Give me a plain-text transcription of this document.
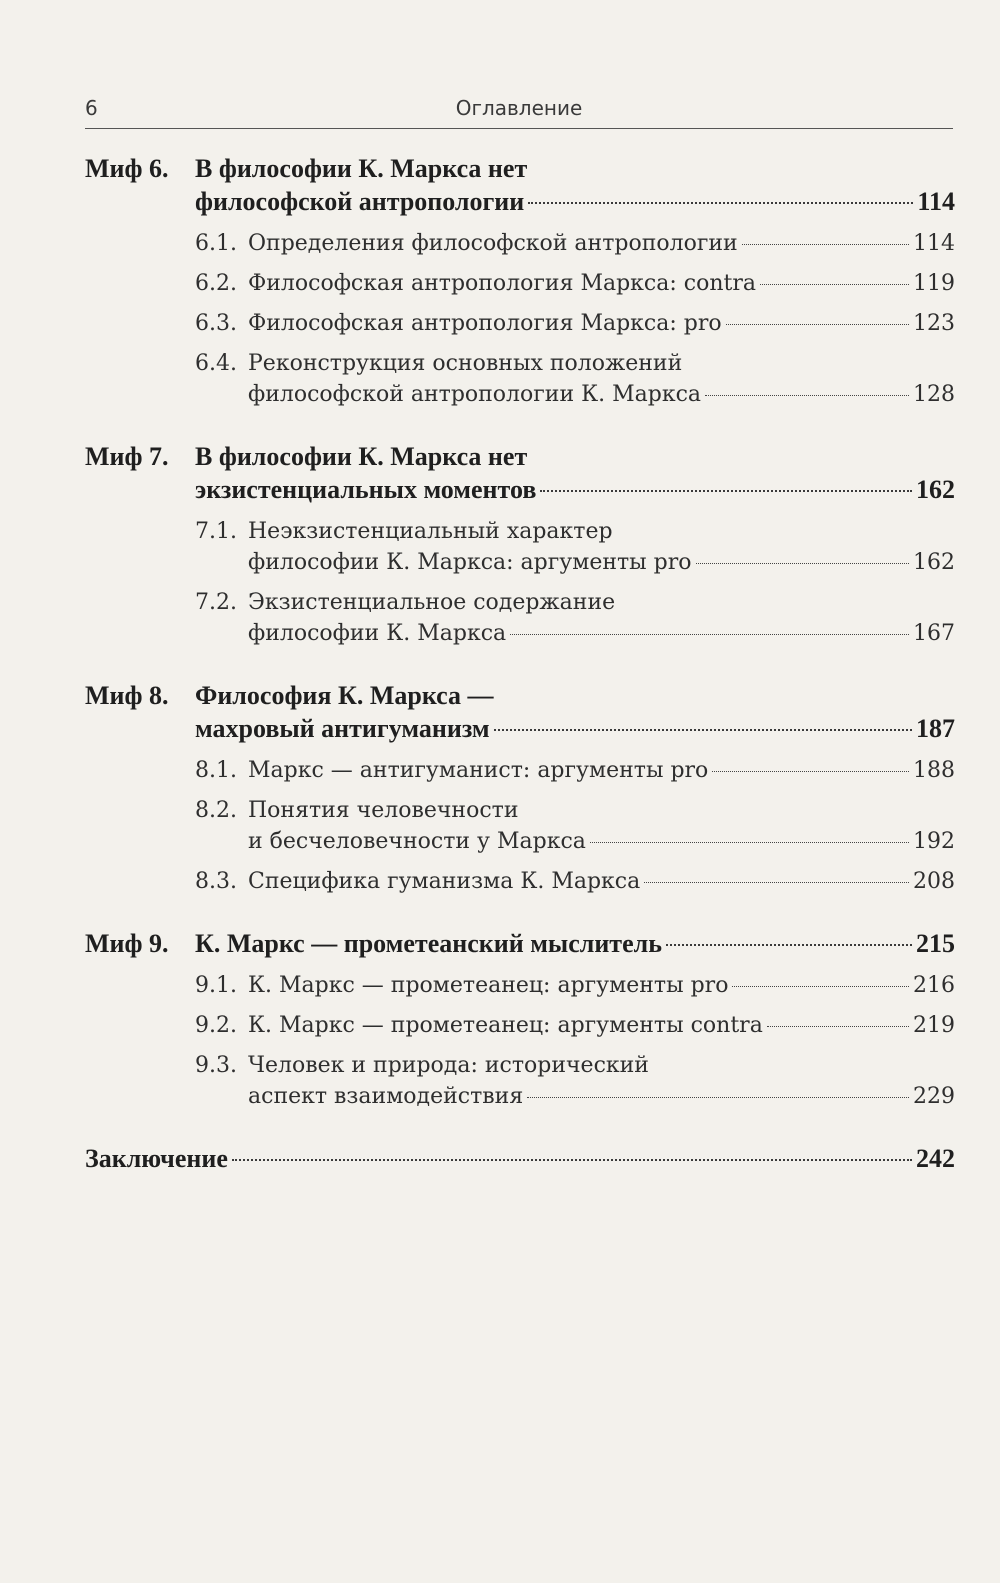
6	Оглавление
Миф 6.	В философии К. Маркса нет
философской антропологии	114
6.1. Определения философской антропологии	114
6.2. Философская антропология Маркса: contra	119
6.3. Философская антропология Маркса: pro	123
6.4. Реконструкция основных положений
философской антропологии К. Маркса	128
Миф 7.	В философии К. Маркса нет
экзистенциальных моментов	162
7.1. Неэкзистенциальный характер
философии К. Маркса: аргументы pro	162
7.2. Экзистенциальное содержание
философии К. Маркса	167
Миф 8.	Философия К. Маркса —
махровый антигуманизм	187
8.1. Маркс — антигуманист: аргументы pro	188
8.2. Понятия человечности
и бесчеловечности у Маркса	192
8.3. Специфика гуманизма К. Маркса	208
Миф 9.	К. Маркс — прометеанский мыслитель	215
9.1. К. Маркс — прометеанец: аргументы pro	216
9.2. К. Маркс — прометеанец: аргументы contra	219
9.3. Человек и природа: исторический
аспект взаимодействия	229
Заключение	242
